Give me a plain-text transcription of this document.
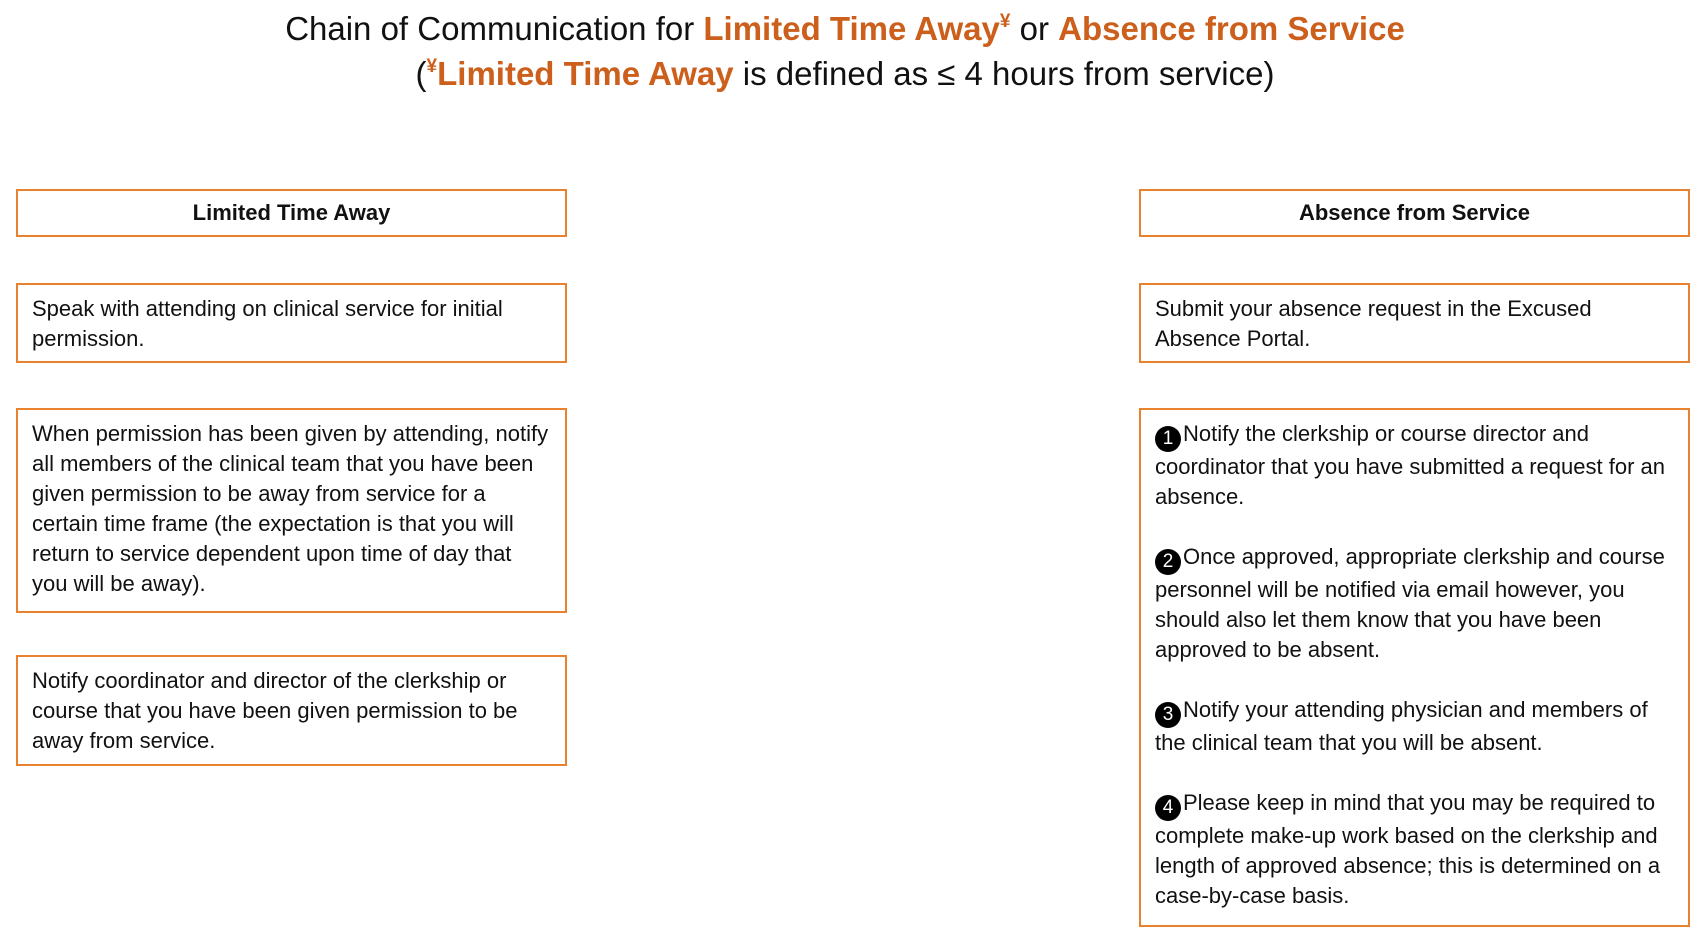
Chain of Communication for Limited Time Away¥ or Absence from Service
(¥Limited Time Away is defined as ≤ 4 hours from service)
Limited Time Away
Speak with attending on clinical service for initial permission.
When permission has been given by attending, notify all members of the clinical team that you have been given permission to be away from service for a certain time frame (the expectation is that you will return to service dependent upon time of day that you will be away).
Notify coordinator and director of the clerkship or course that you have been given permission to be away from service.
Absence from Service
Submit your absence request in the Excused Absence Portal.
1 Notify the clerkship or course director and coordinator that you have submitted a request for an absence.
2 Once approved, appropriate clerkship and course personnel will be notified via email however, you should also let them know that you have been approved to be absent.
3 Notify your attending physician and members of the clinical team that you will be absent.
4 Please keep in mind that you may be required to complete make-up work based on the clerkship and length of approved absence; this is determined on a case-by-case basis.
